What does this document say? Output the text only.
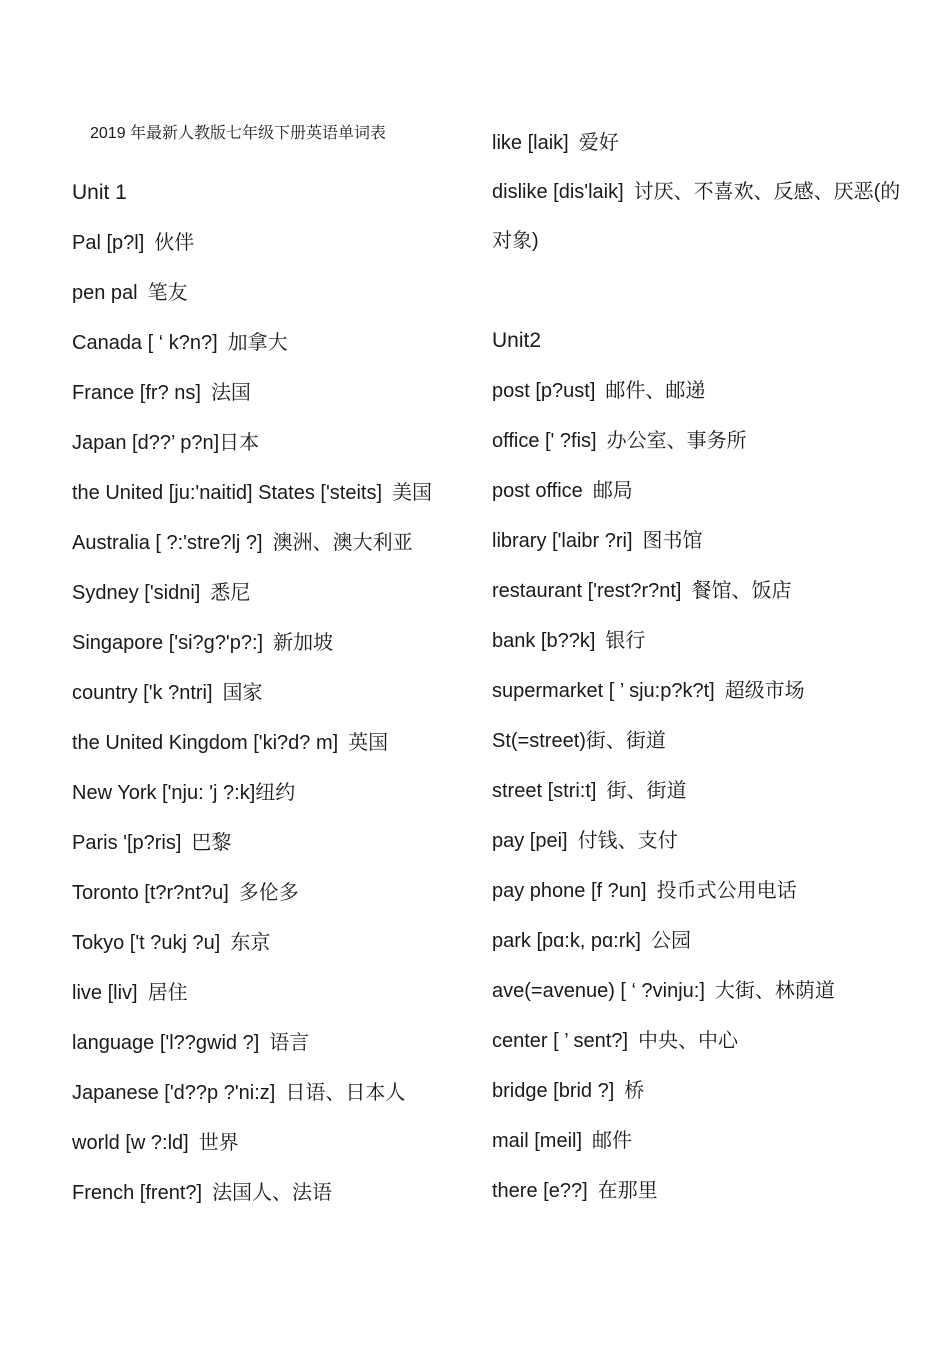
2019 年最新人教版七年级下册英语单词表
Unit 1
Pal [p?l] 伙伴
pen pal 笔友
Canada [ ‘ k?n?] 加拿大
France [fr? ns] 法国
Japan [d??’ p?n]日本
the United [ju:'naitid] States ['steits] 美国
Australia [ ?:'stre?lj ?] 澳洲、澳大利亚
Sydney ['sidni] 悉尼
Singapore ['si?g?'p?:] 新加坡
country ['k ?ntri] 国家
the United Kingdom ['ki?d? m] 英国
New York ['nju: 'j ?:k]纽约
Paris '[p?ris] 巴黎
Toronto [t?r?nt?u] 多伦多
Tokyo ['t ?ukj ?u] 东京
live [liv] 居住
language ['l??gwid ?] 语言
Japanese ['d??p ?'ni:z] 日语、日本人
world [w ?:ld] 世界
French [frent?] 法国人、法语
like [laik] 爱好
dislike [dis'laik] 讨厌、不喜欢、反感、厌恶(的对象)
Unit2
post [p?ust] 邮件、邮递
office [' ?fis] 办公室、事务所
post office 邮局
library ['laibr ?ri] 图书馆
restaurant ['rest?r?nt] 餐馆、饭店
bank [b??k] 银行
supermarket [ ’ sju:p?k?t] 超级市场
St(=street)街、街道
street [stri:t] 街、街道
pay [pei] 付钱、支付
pay phone [f ?un] 投币式公用电话
park [pɑ:k, pɑ:rk] 公园
ave(=avenue) [ ‘ ?vinju:] 大街、林荫道
center [ ’ sent?] 中央、中心
bridge [brid ?] 桥
mail [meil] 邮件
there [e??] 在那里
